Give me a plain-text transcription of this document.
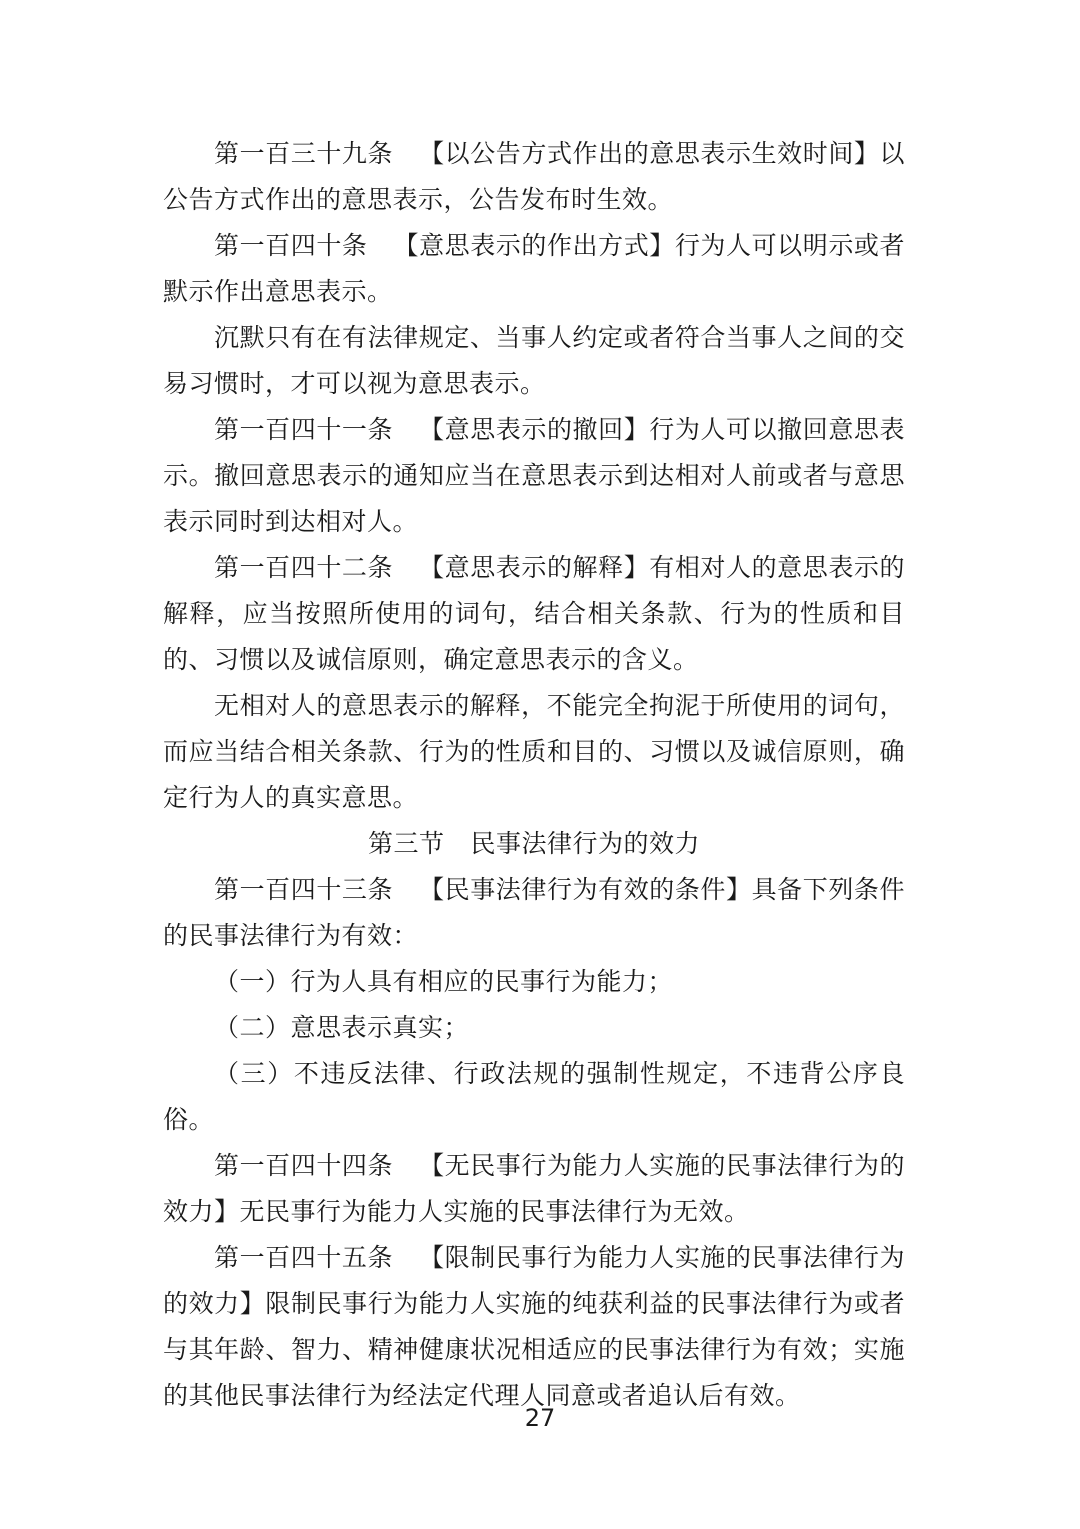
第一百三十九条 【以公告方式作出的意思表示生效时间】以公告方式作出的意思表示，公告发布时生效。

第一百四十条 【意思表示的作出方式】行为人可以明示或者默示作出意思表示。

沉默只有在有法律规定、当事人约定或者符合当事人之间的交易习惯时，才可以视为意思表示。

第一百四十一条 【意思表示的撤回】行为人可以撤回意思表示。撤回意思表示的通知应当在意思表示到达相对人前或者与意思表示同时到达相对人。

第一百四十二条 【意思表示的解释】有相对人的意思表示的解释，应当按照所使用的词句，结合相关条款、行为的性质和目的、习惯以及诚信原则，确定意思表示的含义。

无相对人的意思表示的解释，不能完全拘泥于所使用的词句，而应当结合相关条款、行为的性质和目的、习惯以及诚信原则，确定行为人的真实意思。

第三节 民事法律行为的效力

第一百四十三条 【民事法律行为有效的条件】具备下列条件的民事法律行为有效：

（一）行为人具有相应的民事行为能力；

（二）意思表示真实；

（三）不违反法律、行政法规的强制性规定，不违背公序良俗。

第一百四十四条 【无民事行为能力人实施的民事法律行为的效力】无民事行为能力人实施的民事法律行为无效。

第一百四十五条 【限制民事行为能力人实施的民事法律行为的效力】限制民事行为能力人实施的纯获利益的民事法律行为或者与其年龄、智力、精神健康状况相适应的民事法律行为有效；实施的其他民事法律行为经法定代理人同意或者追认后有效。

27
